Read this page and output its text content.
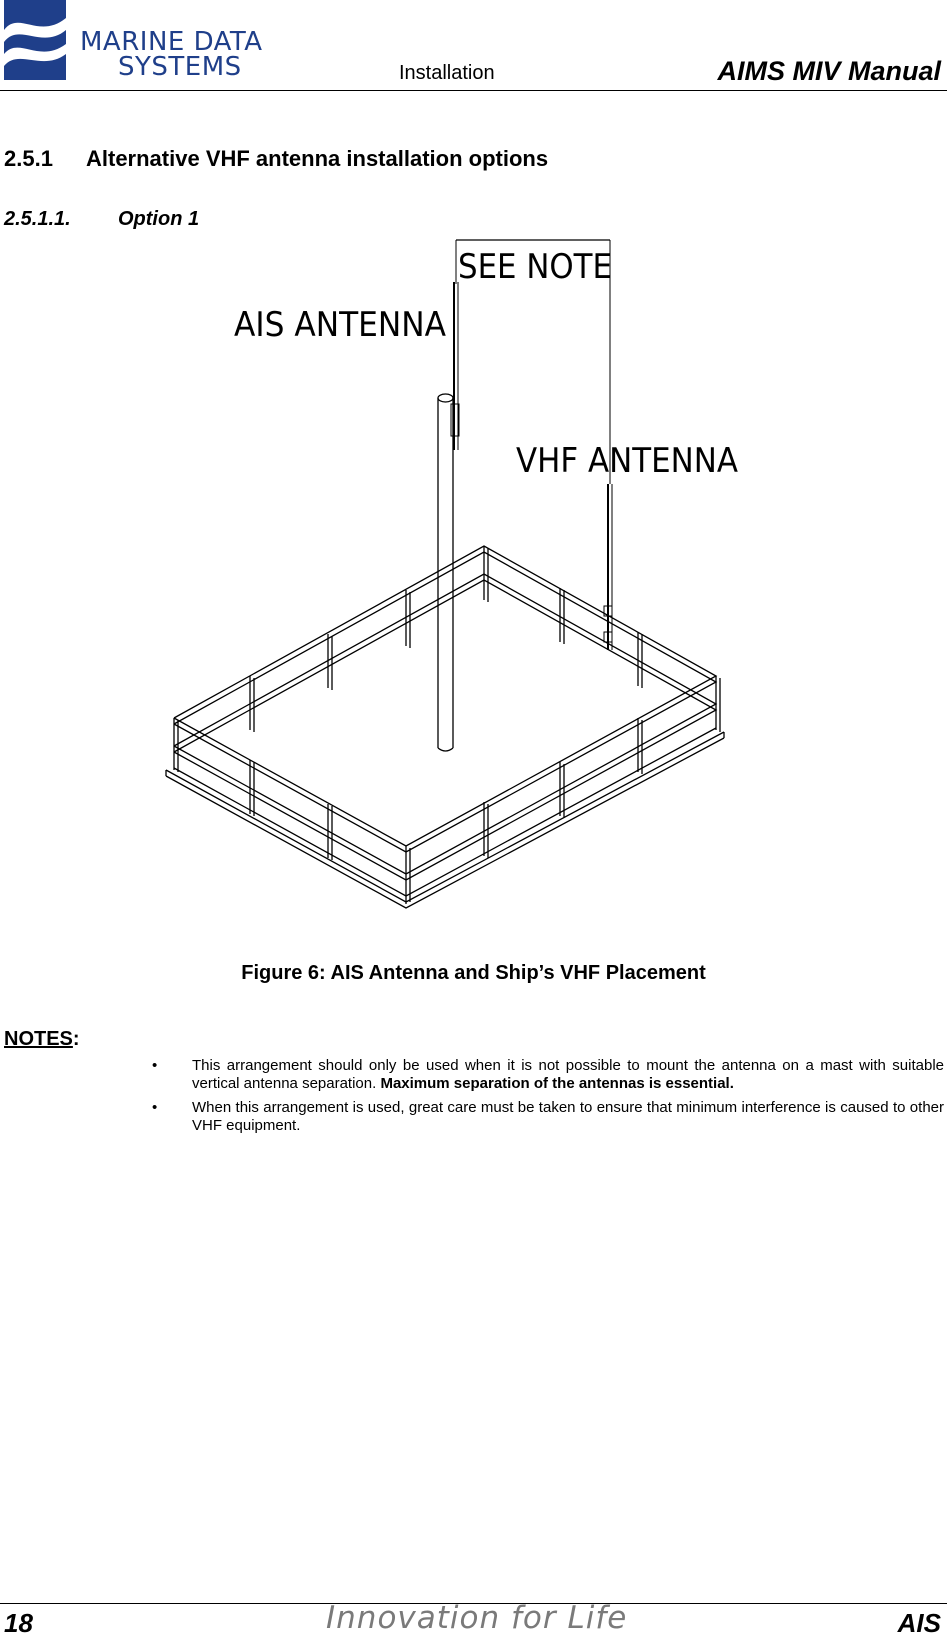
MARINE DATA
SYSTEMS	Installation	AIMS MIV Manual
2.5.1 Alternative VHF antenna installation options
2.5.1.1. Option 1
SEE NOTE
AIS ANTENNA
VHF ANTENNA
Figure 6: AIS Antenna and Ship’s VHF Placement
NOTES:
• This arrangement should only be used when it is not possible to mount the antenna on a mast with suitable vertical antenna separation. Maximum separation of the antennas is essential.
• When this arrangement is used, great care must be taken to ensure that minimum interference is caused to other VHF equipment.
18	Innovation for Life	AIS
